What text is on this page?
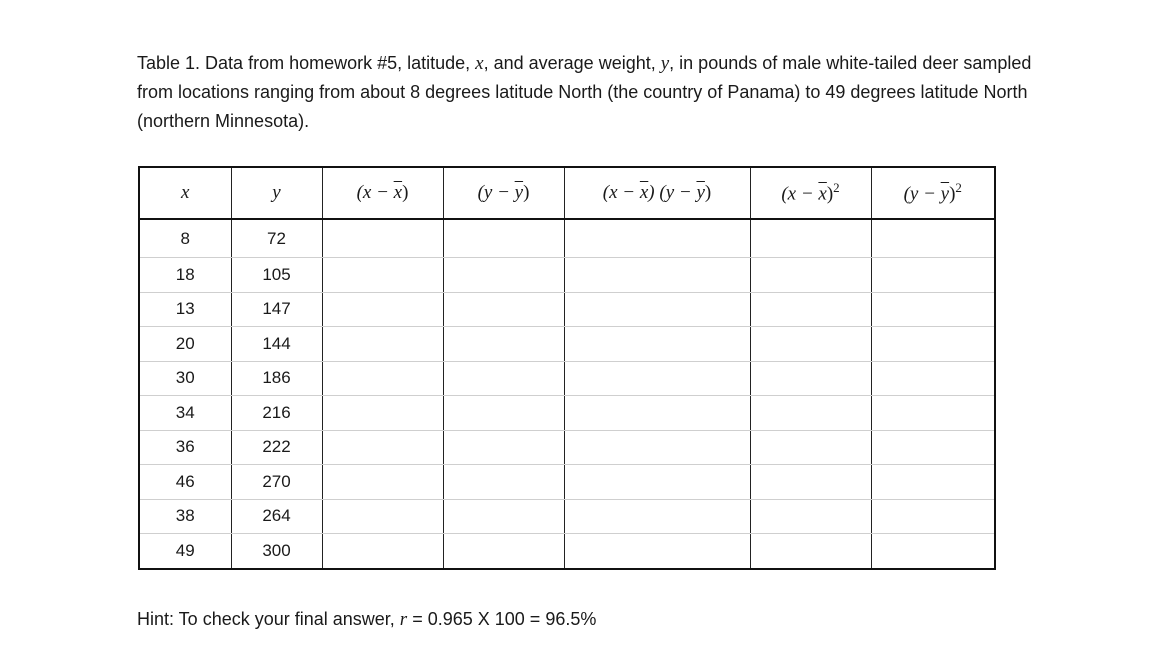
Table 1. Data from homework #5, latitude, x, and average weight, y, in pounds of male white-tailed deer sampled from locations ranging from about 8 degrees latitude North (the country of Panama) to 49 degrees latitude North (northern Minnesota).

x	y	$(x - \overline{x})$	$(y - \overline{y})$	$(x - \overline{x})$ $(y - \overline{y})$	$(x - \overline{x})^2$	$(y - \overline{y})^2$
8	72					
18	105					
13	147					
20	144					
30	186					
34	216					
36	222					
46	270					
38	264					
49	300					

Hint: To check your final answer, r = 0.965 X 100 = 96.5%
